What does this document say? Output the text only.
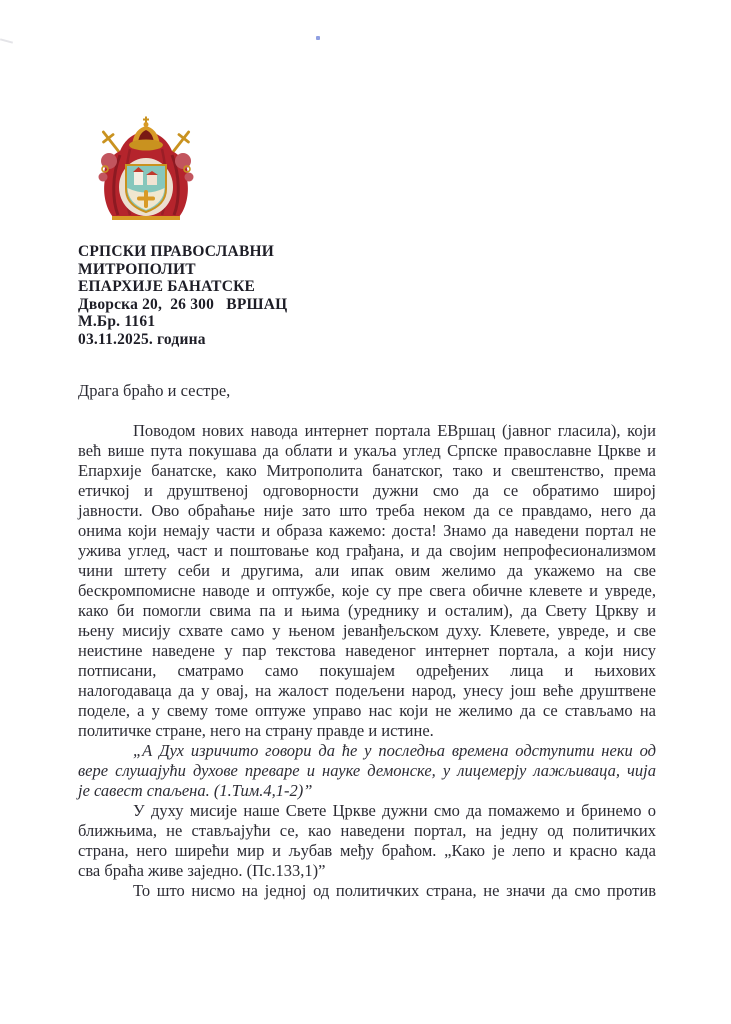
СРПСКИ ПРАВОСЛАВНИ
МИТРОПОЛИТ
ЕПАРХИЈЕ БАНАТСКЕ
Дворска 20,  26 300   ВРШАЦ
М.Бр. 1161
03.11.2025. година
Драга браћо и сестре,
Поводом нових навода интернет портала ЕВршац (јавног гласила), који
већ више пута покушава да облати и укаља углед Српске православне Цркве и
Епархије банатске, како Митрополита банатског, тако и свештенство, према
етичкој и друштвеној одговорности дужни смо да се обратимо широј
јавности. Ово обраћање није зато што треба неком да се правдамо, него да
онима који немају части и образа кажемо: доста! Знамо да наведени портал не
ужива углед, част и поштовање код грађана, и да својим непрофесионализмом
чини штету себи и другима, али ипак овим желимо да укажемо на све
бескромпомисне наводе и оптужбе, које су пре свега обичне клевете и увреде,
како би помогли свима па и њима (уреднику и осталим), да Свету Цркву и
њену мисију схвате само у њеном јеванђељском духу. Клевете, увреде, и све
неистине наведене у пар текстова наведеног интернет портала, а који нису
потписани, сматрамо само покушајем одређених лица и њихових
налогодаваца да у овај, на жалост подељени народ, унесу још веће друштвене
поделе, а у свему томе оптуже управо нас који не желимо да се стављамо на
политичке стране, него на страну правде и истине.
„А Дух изричито говори да ће у последња времена одступити неки од
вере слушајући духове преваре и науке демонске, у лицемерју лажљиваца, чија
је савест спаљена. (1.Тим.4,1-2)”
У духу мисије наше Свете Цркве дужни смо да помажемо и бринемо о
ближњима, не стављајући се, као наведени портал, на једну од политичких
страна, него ширећи мир и љубав међу браћом. „Како је лепо и красно када
сва браћа живе заједно. (Пс.133,1)”
То што нисмо на једној од политичких страна, не значи да смо против
